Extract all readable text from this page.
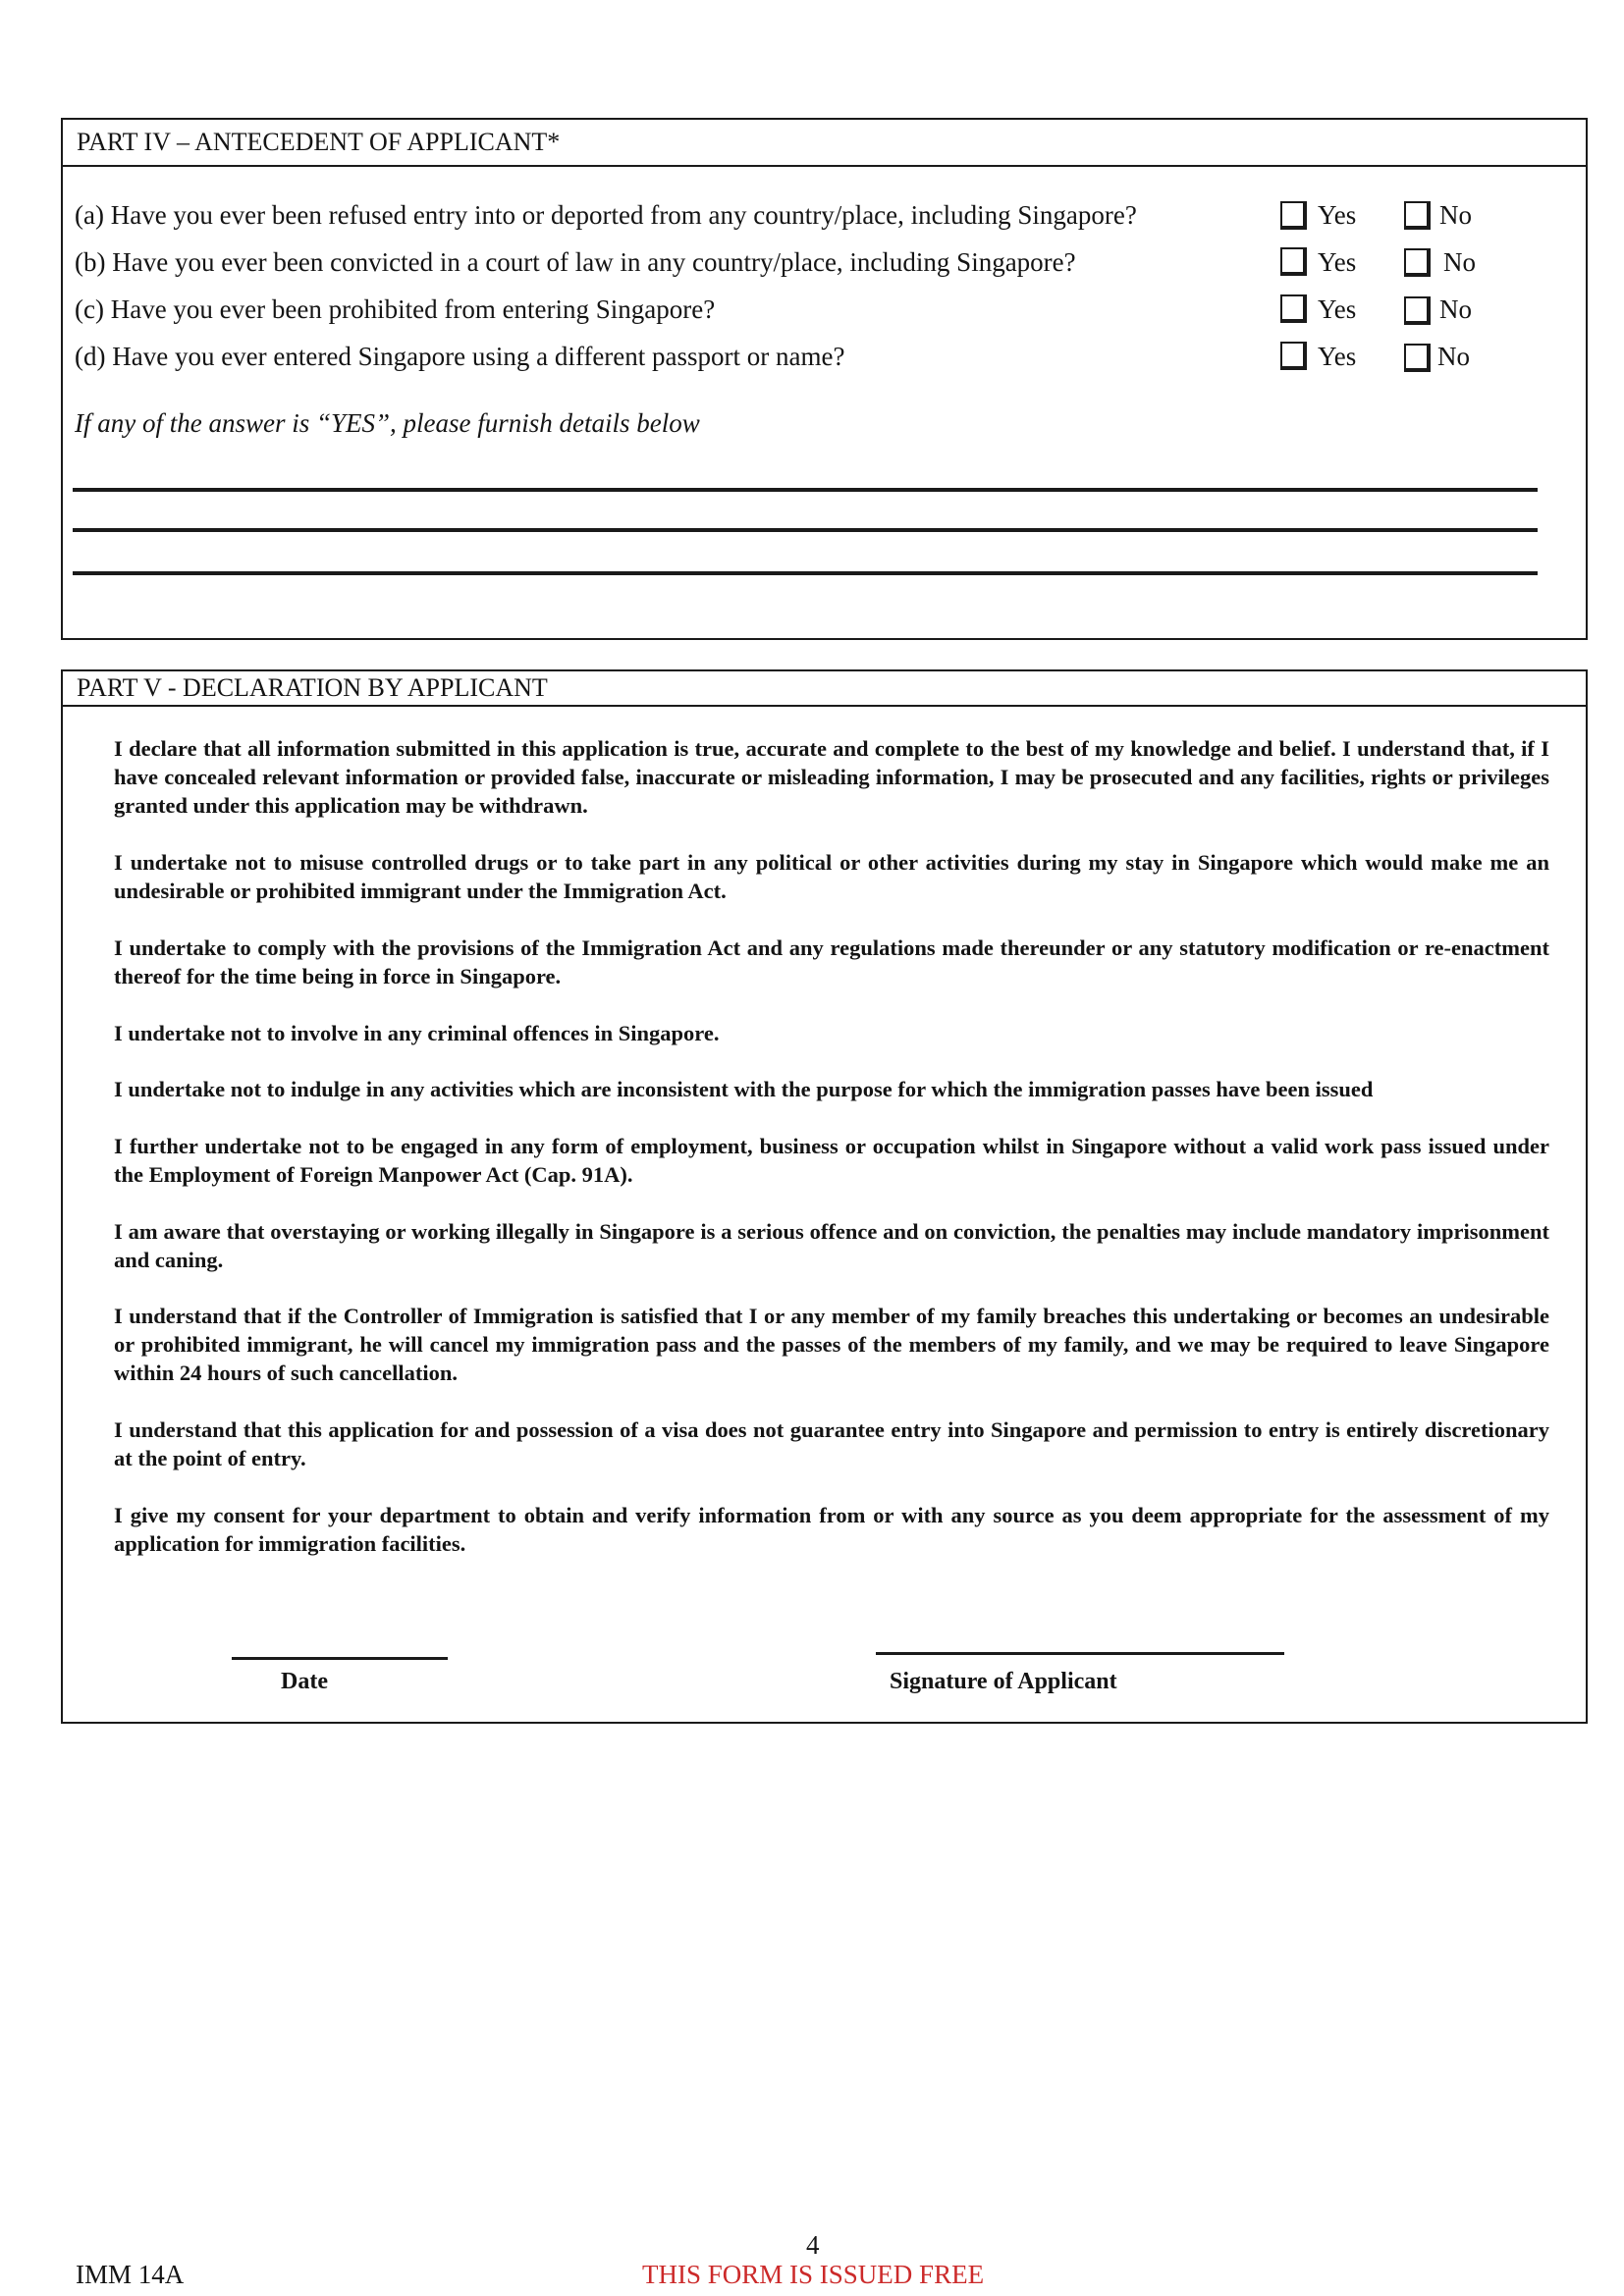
PART IV – ANTECEDENT OF APPLICANT*
(a) Have you ever been refused entry into or deported from any country/place, including Singapore?	Yes	No
(b) Have you ever been convicted in a court of law in any country/place, including Singapore?	Yes	No
(c) Have you ever been prohibited from entering Singapore?	Yes	No
(d) Have you ever entered Singapore using a different passport or name?	Yes	No
If any of the answer is “YES”, please furnish details below
PART V - DECLARATION BY APPLICANT
I declare that all information submitted in this application is true, accurate and complete to the best of my knowledge and belief. I understand that, if I have concealed relevant information or provided false, inaccurate or misleading information, I may be prosecuted and any facilities, rights or privileges granted under this application may be withdrawn.
I undertake not to misuse controlled drugs or to take part in any political or other activities during my stay in Singapore which would make me an undesirable or prohibited immigrant under the Immigration Act.
I undertake to comply with the provisions of the Immigration Act and any regulations made thereunder or any statutory modification or re-enactment thereof for the time being in force in Singapore.
I undertake not to involve in any criminal offences in Singapore.
I undertake not to indulge in any activities which are inconsistent with the purpose for which the immigration passes have been issued
I further undertake not to be engaged in any form of employment, business or occupation whilst in Singapore without a valid work pass issued under the Employment of Foreign Manpower Act (Cap. 91A).
I am aware that overstaying or working illegally in Singapore is a serious offence and on conviction, the penalties may include mandatory imprisonment and caning.
I understand that if the Controller of Immigration is satisfied that I or any member of my family breaches this undertaking or becomes an undesirable or prohibited immigrant, he will cancel my immigration pass and the passes of the members of my family, and we may be required to leave Singapore within 24 hours of such cancellation.
I understand that this application for and possession of a visa does not guarantee entry into Singapore and permission to entry is entirely discretionary at the point of entry.
I give my consent for your department to obtain and verify information from or with any source as you deem appropriate for the assessment of my application for immigration facilities.
Date	Signature of Applicant
4
IMM 14A	THIS FORM IS ISSUED FREE
